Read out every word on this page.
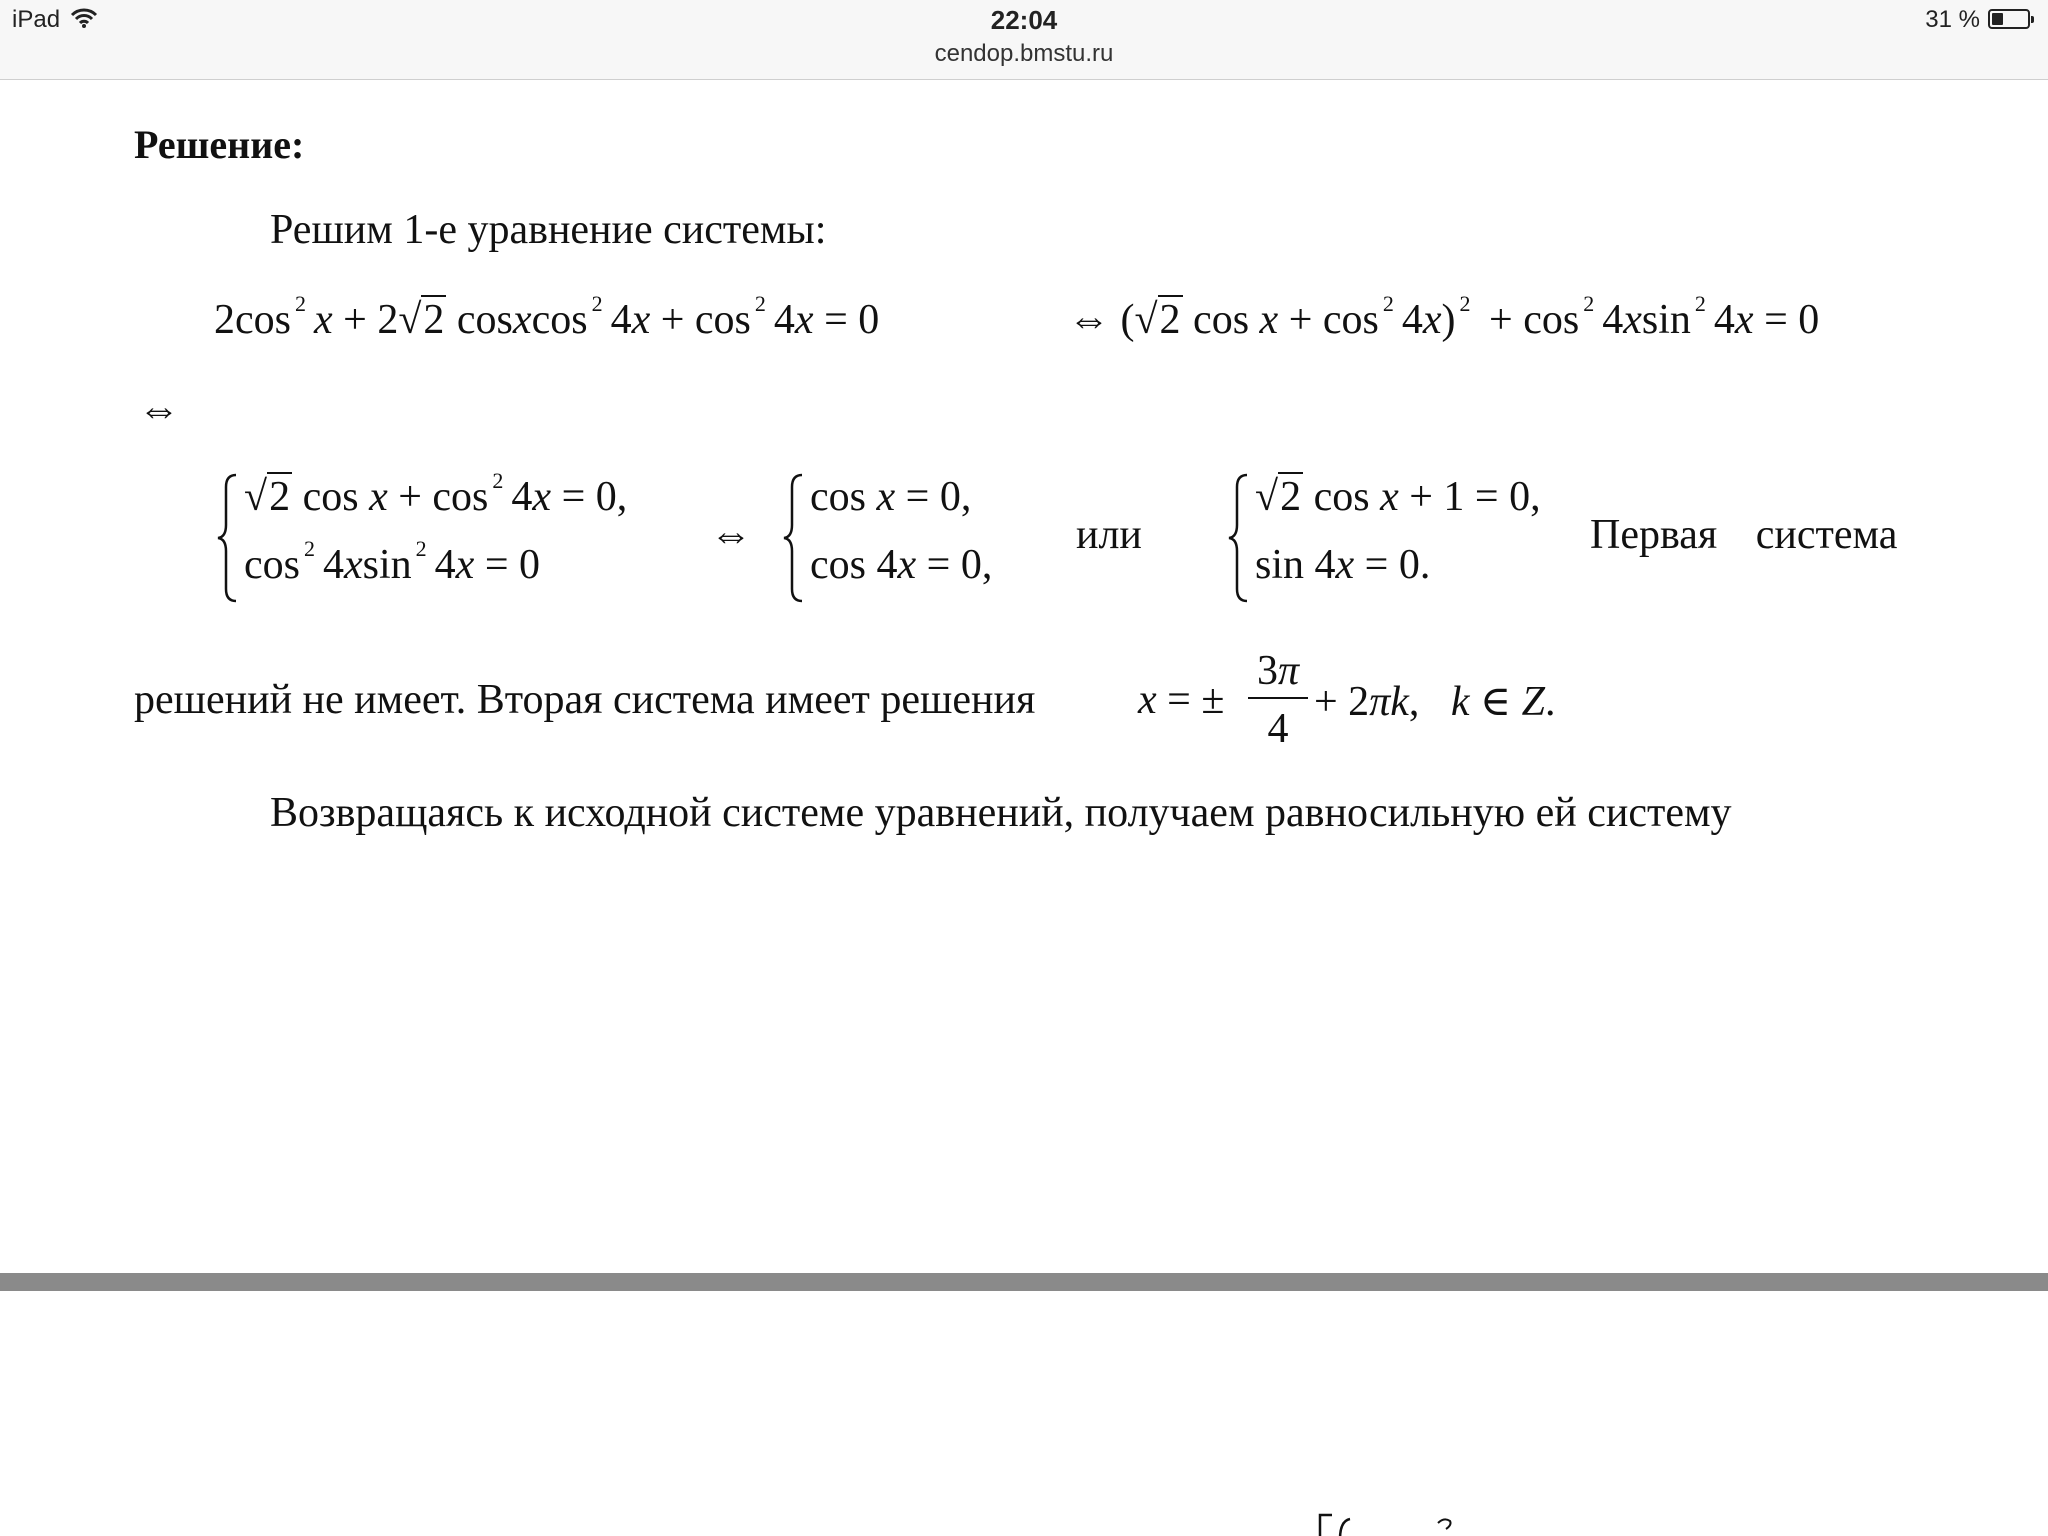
iPad	22:04
cendop.bmstu.ru
31 %
Решение:
Решим 1-е уравнение системы:
2cos $^2$ x + 2√2 cosxcos $^2$ 4x + cos $^2$ 4x = 0	⇔ (√2 cos x + cos $^2$ 4x) $^2$ + cos $^2$ 4xsin $^2$ 4x = 0
⇔
√2 cos x + cos $^2$ 4x = 0,
cos $^2$ 4xsin $^2$ 4x = 0
⇔
cos x = 0,
cos 4x = 0,
или
√2 cos x + 1 = 0,
sin 4x = 0.
Первая система
решений не имеет. Вторая система имеет решения x = ±
3π
4
+ 2πk,   k ∈ Z.
Возвращаясь к исходной системе уравнений, получаем равносильную ей систему
